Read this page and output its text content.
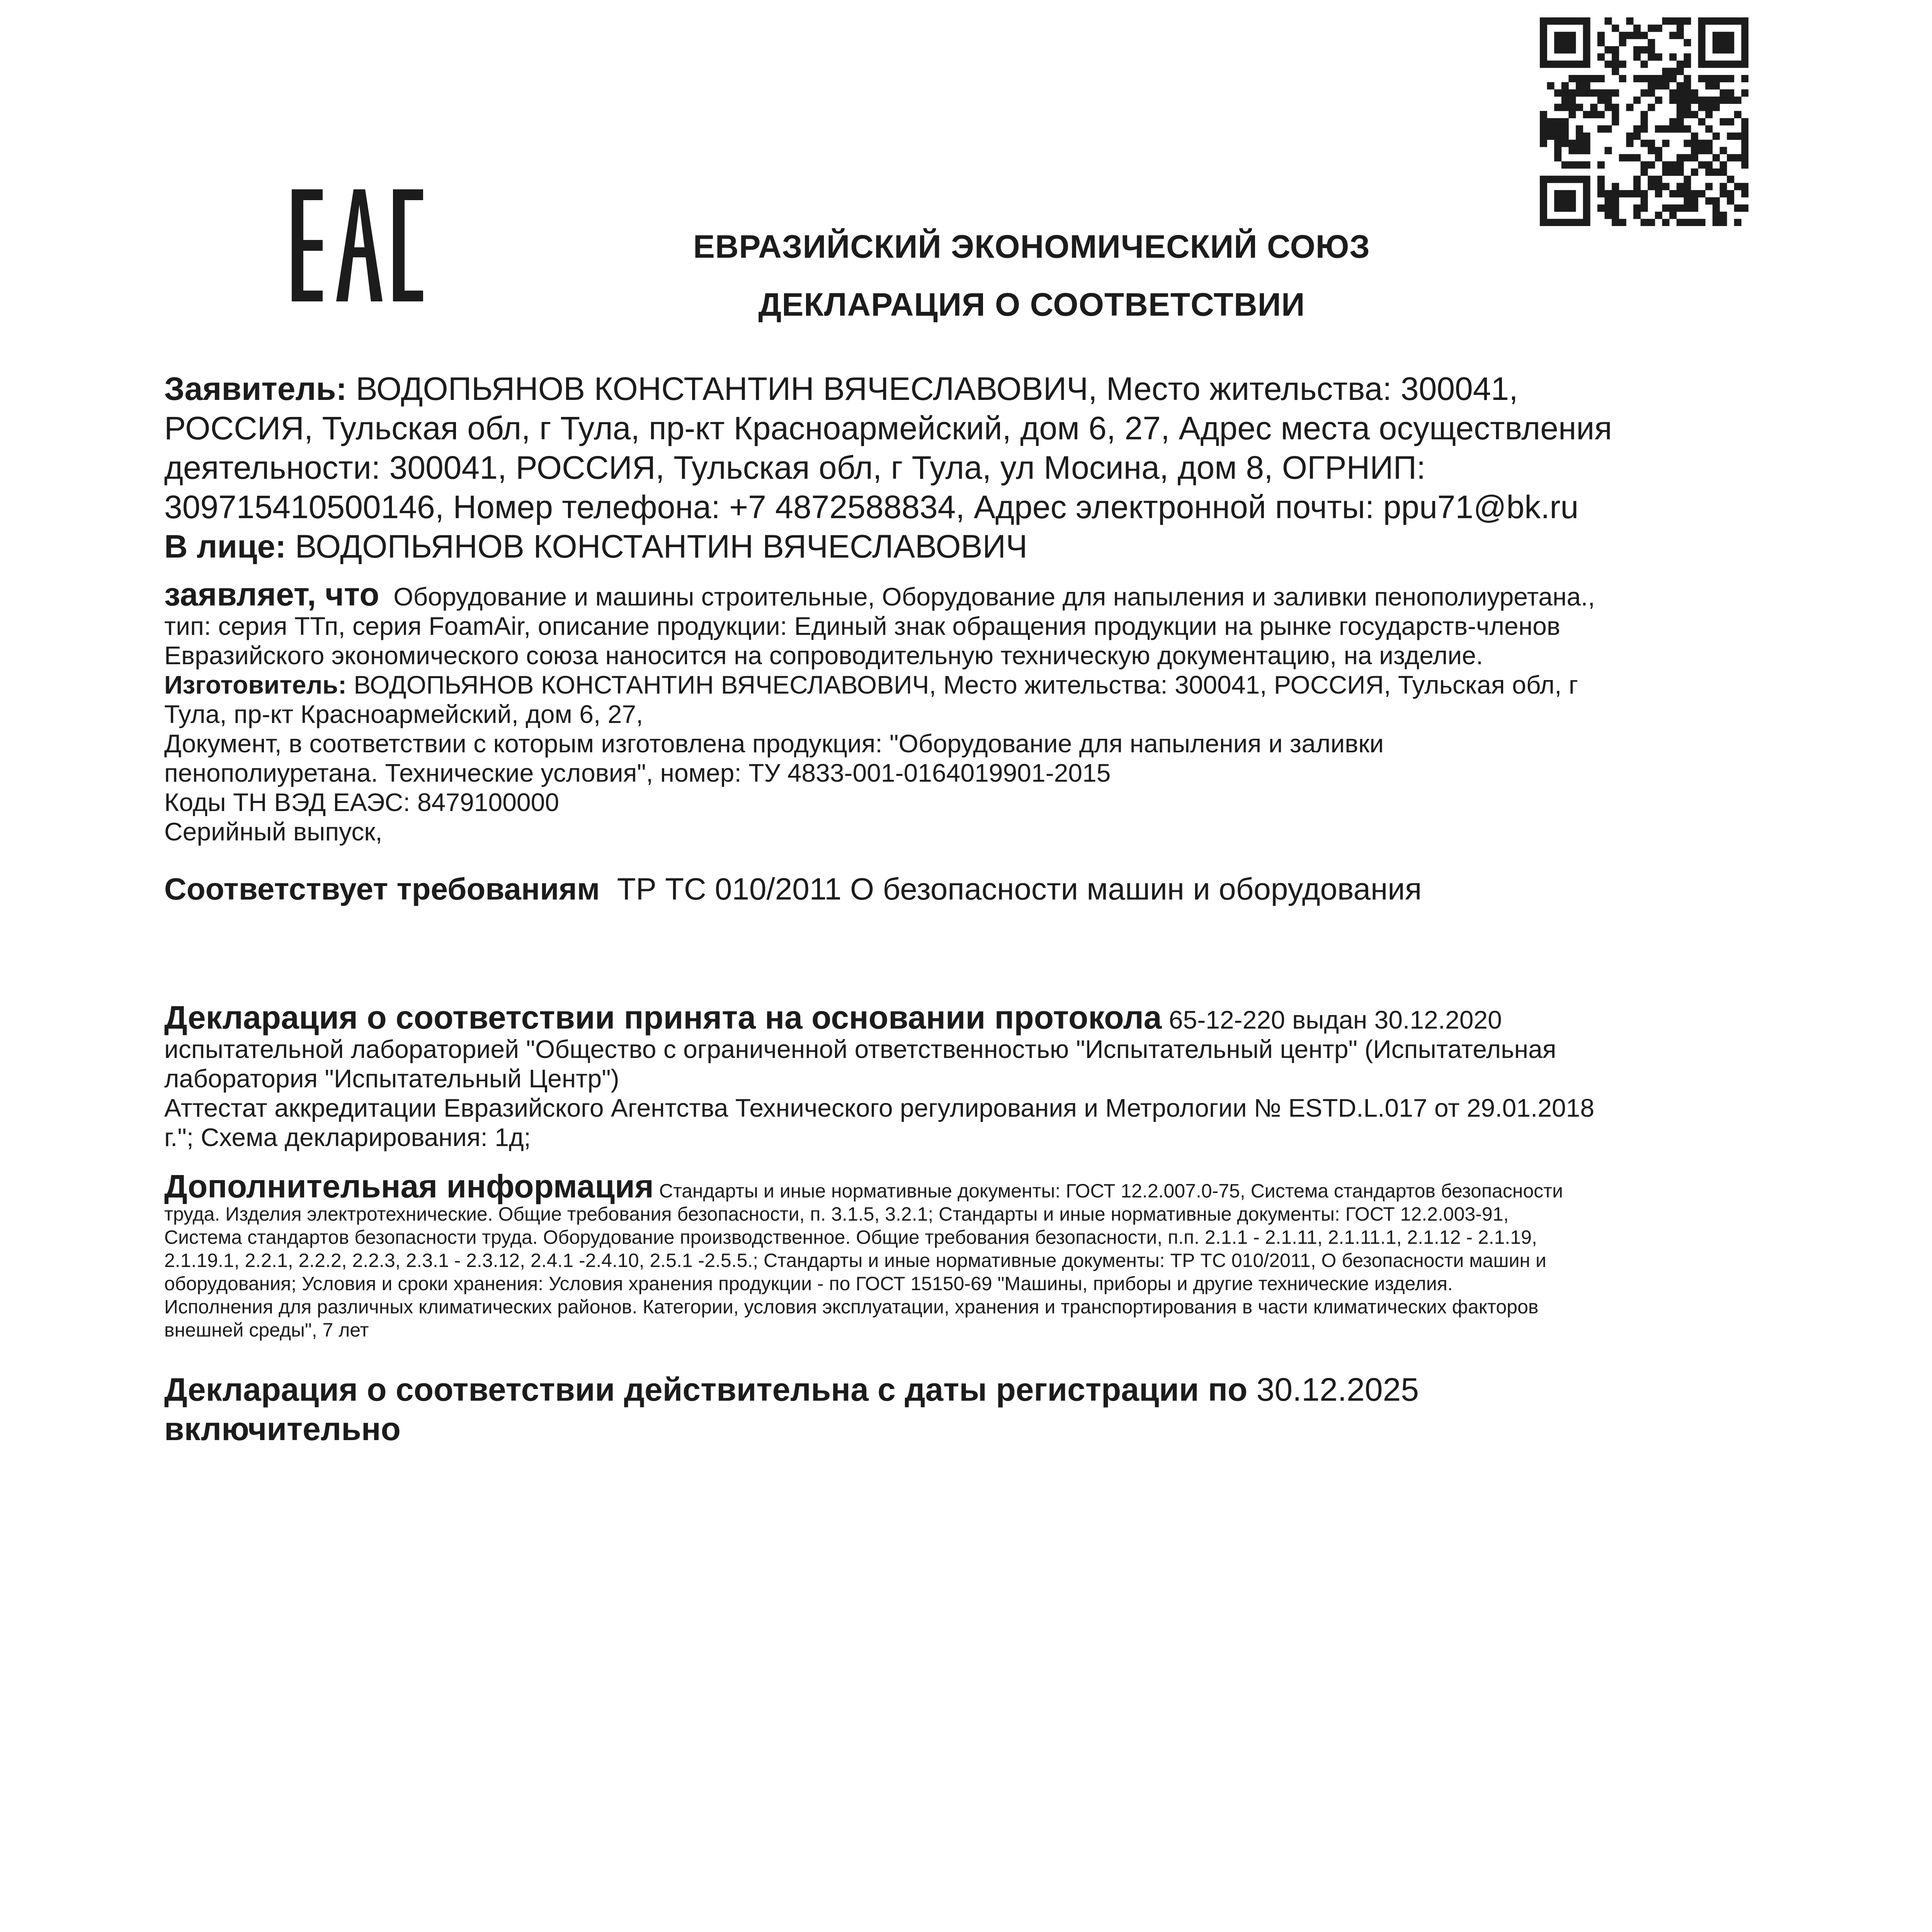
ЕВРАЗИЙСКИЙ ЭКОНОМИЧЕСКИЙ СОЮЗ
ДЕКЛАРАЦИЯ О СООТВЕТСТВИИ
Заявитель: ВОДОПЬЯНОВ КОНСТАНТИН ВЯЧЕСЛАВОВИЧ, Место жительства: 300041,
РОССИЯ, Тульская обл, г Тула, пр-кт Красноармейский, дом 6, 27, Адрес места осуществления
деятельности: 300041, РОССИЯ, Тульская обл, г Тула, ул Мосина, дом 8, ОГРНИП:
309715410500146, Номер телефона: +7 4872588834, Адрес электронной почты: ppu71@bk.ru
В лице: ВОДОПЬЯНОВ КОНСТАНТИН ВЯЧЕСЛАВОВИЧ
заявляет, что Оборудование и машины строительные, Оборудование для напыления и заливки пенополиуретана.,
тип: серия ТТп, серия FoamAir, описание продукции: Единый знак обращения продукции на рынке государств-членов
Евразийского экономического союза наносится на сопроводительную техническую документацию, на изделие.
Изготовитель: ВОДОПЬЯНОВ КОНСТАНТИН ВЯЧЕСЛАВОВИЧ, Место жительства: 300041, РОССИЯ, Тульская обл, г
Тула, пр-кт Красноармейский, дом 6, 27,
Документ, в соответствии с которым изготовлена продукция: "Оборудование для напыления и заливки
пенополиуретана. Технические условия", номер: ТУ 4833-001-0164019901-2015
Коды ТН ВЭД ЕАЭС: 8479100000
Серийный выпуск,
Соответствует требованиям ТР ТС 010/2011 О безопасности машин и оборудования
Декларация о соответствии принята на основании протокола 65-12-220 выдан 30.12.2020
испытательной лабораторией "Общество с ограниченной ответственностью "Испытательный центр" (Испытательная
лаборатория "Испытательный Центр")
Аттестат аккредитации Евразийского Агентства Технического регулирования и Метрологии № ESTD.L.017 от 29.01.2018
г."; Схема декларирования: 1д;
Дополнительная информация Стандарты и иные нормативные документы: ГОСТ 12.2.007.0-75, Система стандартов безопасности
труда. Изделия электротехнические. Общие требования безопасности, п. 3.1.5, 3.2.1; Стандарты и иные нормативные документы: ГОСТ 12.2.003-91,
Система стандартов безопасности труда. Оборудование производственное. Общие требования безопасности, п.п. 2.1.1 - 2.1.11, 2.1.11.1, 2.1.12 - 2.1.19,
2.1.19.1, 2.2.1, 2.2.2, 2.2.3, 2.3.1 - 2.3.12, 2.4.1 -2.4.10, 2.5.1 -2.5.5.; Стандарты и иные нормативные документы: ТР ТС 010/2011, О безопасности машин и
оборудования; Условия и сроки хранения: Условия хранения продукции - по ГОСТ 15150-69 "Машины, приборы и другие технические изделия.
Исполнения для различных климатических районов. Категории, условия эксплуатации, хранения и транспортирования в части климатических факторов
внешней среды", 7 лет
Декларация о соответствии действительна с даты регистрации по 30.12.2025
включительно
